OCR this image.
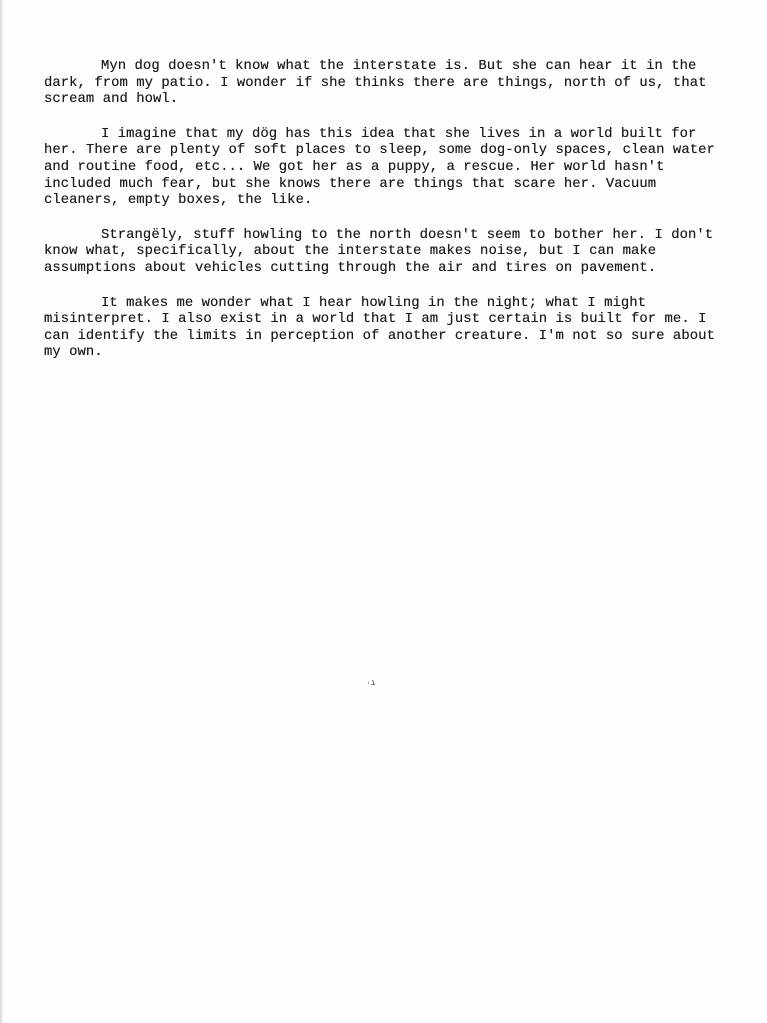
Myn dog doesn't know what the interstate is. But she can hear it in the dark, from my patio. I wonder if she thinks there are things, north of us, that scream and howl.

I imagine that my dög has this idea that she lives in a world built for her. There are plenty of soft places to sleep, some dog-only spaces, clean water and routine food, etc... We got her as a puppy, a rescue. Her world hasn't included much fear, but she knows there are things that scare her. Vacuum cleaners, empty boxes, the like.

Strangëly, stuff howling to the north doesn't seem to bother her. I don't know what, specifically, about the interstate makes noise, but I can make assumptions about vehicles cutting through the air and tires on pavement.

It makes me wonder what I hear howling in the night; what I might misinterpret. I also exist in a world that I am just certain is built for me. I can identify the limits in perception of another creature. I'm not so sure about my own.

·ı
